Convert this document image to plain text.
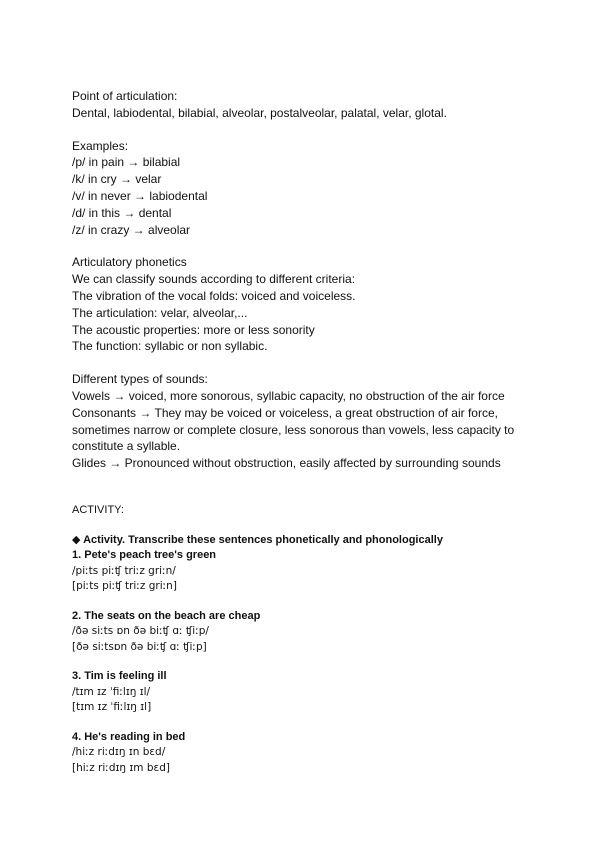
Point of articulation:
Dental, labiodental, bilabial, alveolar, postalveolar, palatal, velar, glotal.
Examples:
/p/ in pain → bilabial
/k/ in cry → velar
/v/ in never → labiodental
/d/ in this → dental
/z/ in crazy → alveolar
Articulatory phonetics
We can classify sounds according to different criteria:
The vibration of the vocal folds: voiced and voiceless.
The articulation: velar, alveolar,...
The acoustic properties: more or less sonority
The function: syllabic or non syllabic.
Different types of sounds:
Vowels → voiced, more sonorous, syllabic capacity, no obstruction of the air force
Consonants → They may be voiced or voiceless, a great obstruction of air force, sometimes narrow or complete closure, less sonorous than vowels, less capacity to constitute a syllable.
Glides → Pronounced without obstruction, easily affected by surrounding sounds
ACTIVITY:
◆ Activity. Transcribe these sentences phonetically and phonologically
1. Pete's peach tree's green
/piːts piːʧ triːz griːn/
[piːts piːʧ triːz griːn]
2. The seats on the beach are cheap
/ðə siːts ɒn ðə biːʧ ɑː ʧiːp/
[ðə siːtsɒn ðə biːʧ ɑː ʧiːp]
3. Tim is feeling ill
/tɪm ɪz ˈfiːlɪŋ ɪl/
[tɪm ɪz ˈfiːlɪŋ ɪl]
4. He's reading in bed
/hiːz riːdɪŋ ɪn bɛd/
[hiːz riːdɪŋ ɪm bɛd]
